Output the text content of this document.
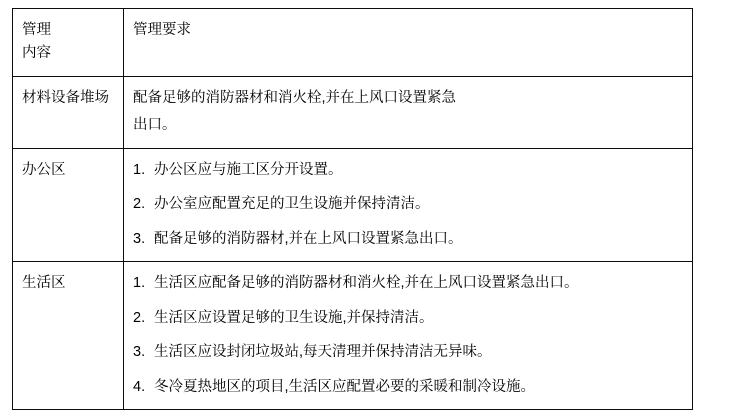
管理
内容	管理要求
材料设备堆场	配备足够的消防器材和消火栓,并在上风口设置紧急

出口。

办公区	1. 办公区应与施工区分开设置。
2. 办公室应配置充足的卫生设施并保持清洁。
3. 配备足够的消防器材,并在上风口设置紧急出口。

生活区	1. 生活区应配备足够的消防器材和消火栓,并在上风口设置紧急出口。
2. 生活区应设置足够的卫生设施,并保持清洁。
3. 生活区应设封闭垃圾站,每天清理并保持清洁无异味。
4. 冬冷夏热地区的项目,生活区应配置必要的采暖和制冷设施。
